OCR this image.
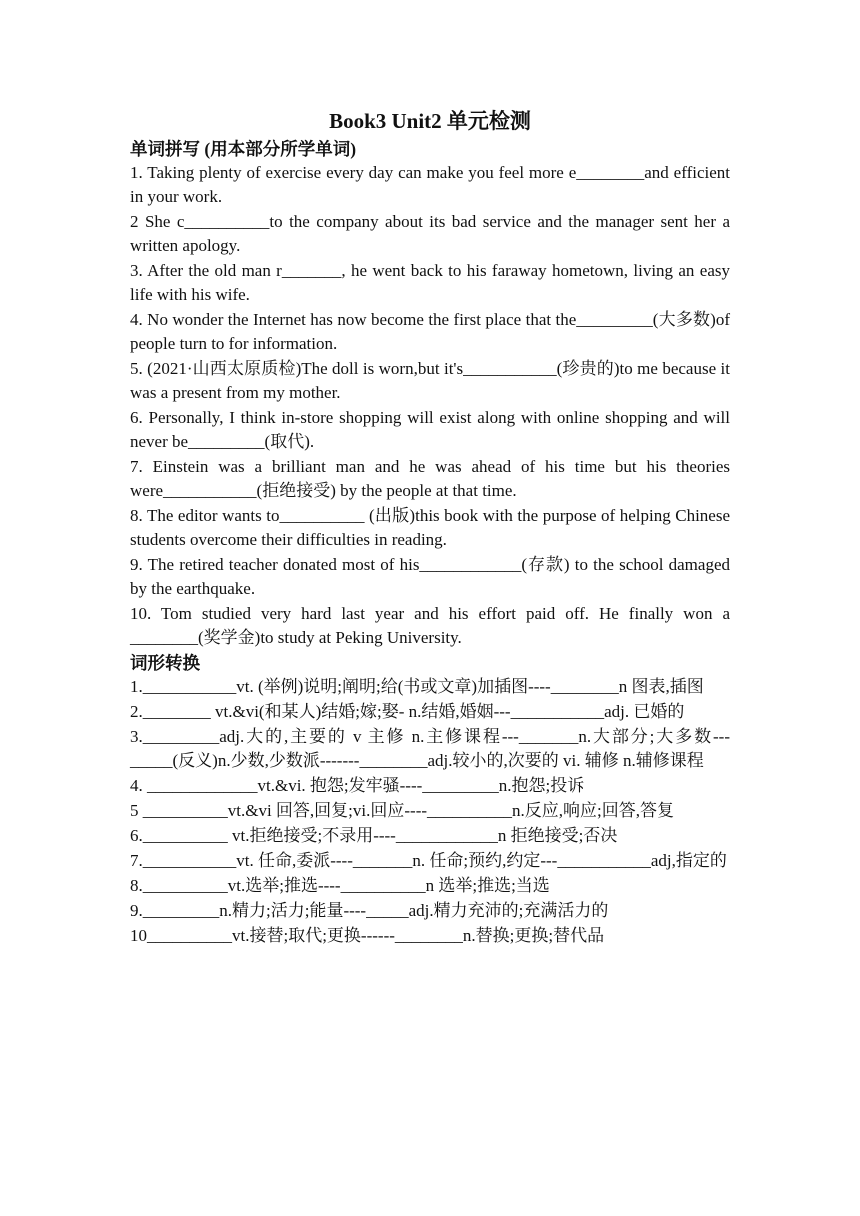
Book3 Unit2 单元检测
单词拼写 (用本部分所学单词)

1. Taking plenty of exercise every day can make you feel more e________and efficient in your work.

2 She c__________to the company about its bad service and the manager sent her a written apology.

3. After the old man r_______, he went back to his faraway hometown, living an easy life with his wife.

4. No wonder the Internet has now become the first place that the_________(大多数)of people turn to for information.

5. (2021·山西太原质检)The doll is worn,but it's___________(珍贵的)to me because it was a present from my mother.

6. Personally, I think in-store shopping will exist along with online shopping and will never be_________(取代).

7. Einstein was a brilliant man and he was ahead of his time but his theories were___________(拒绝接受) by the people at that time.

8. The editor wants to__________ (出版)this book with the purpose of helping Chinese students overcome their difficulties in reading.

9. The retired teacher donated most of his____________(存款) to the school damaged by the earthquake.

10. Tom studied very hard last year and his effort paid off. He finally won a ________(奖学金)to study at Peking University.

词形转换

1.___________vt. (举例)说明;阐明;给(书或文章)加插图----________n 图表,插图

2.________ vt.&vi(和某人)结婚;嫁;娶- n.结婚,婚姻---___________adj. 已婚的

3._________adj.大的,主要的 v 主修 n.主修课程---_______n.大部分;大多数---_____(反义)n.少数,少数派-------________adj.较小的,次要的 vi. 辅修 n.辅修课程

4. _____________vt.&vi. 抱怨;发牢骚----_________n.抱怨;投诉

5 __________vt.&vi 回答,回复;vi.回应----__________n.反应,响应;回答,答复

6.__________ vt.拒绝接受;不录用----____________n 拒绝接受;否决

7.___________vt. 任命,委派----_______n. 任命;预约,约定---___________adj,指定的

8.__________vt.选举;推选----__________n 选举;推选;当选

9._________n.精力;活力;能量----_____adj.精力充沛的;充满活力的

10__________vt.接替;取代;更换------________n.替换;更换;替代品
